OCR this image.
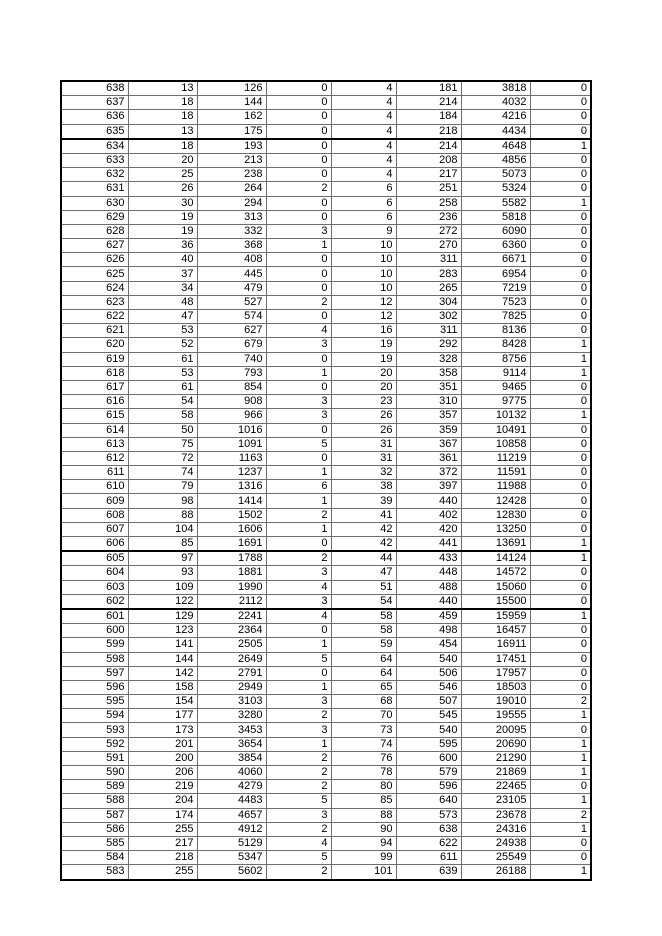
638	13	126	0	4	181	3818	0
637	18	144	0	4	214	4032	0
636	18	162	0	4	184	4216	0
635	13	175	0	4	218	4434	0
634	18	193	0	4	214	4648	1
633	20	213	0	4	208	4856	0
632	25	238	0	4	217	5073	0
631	26	264	2	6	251	5324	0
630	30	294	0	6	258	5582	1
629	19	313	0	6	236	5818	0
628	19	332	3	9	272	6090	0
627	36	368	1	10	270	6360	0
626	40	408	0	10	311	6671	0
625	37	445	0	10	283	6954	0
624	34	479	0	10	265	7219	0
623	48	527	2	12	304	7523	0
622	47	574	0	12	302	7825	0
621	53	627	4	16	311	8136	0
620	52	679	3	19	292	8428	1
619	61	740	0	19	328	8756	1
618	53	793	1	20	358	9114	1
617	61	854	0	20	351	9465	0
616	54	908	3	23	310	9775	0
615	58	966	3	26	357	10132	1
614	50	1016	0	26	359	10491	0
613	75	1091	5	31	367	10858	0
612	72	1163	0	31	361	11219	0
611	74	1237	1	32	372	11591	0
610	79	1316	6	38	397	11988	0
609	98	1414	1	39	440	12428	0
608	88	1502	2	41	402	12830	0
607	104	1606	1	42	420	13250	0
606	85	1691	0	42	441	13691	1
605	97	1788	2	44	433	14124	1
604	93	1881	3	47	448	14572	0
603	109	1990	4	51	488	15060	0
602	122	2112	3	54	440	15500	0
601	129	2241	4	58	459	15959	1
600	123	2364	0	58	498	16457	0
599	141	2505	1	59	454	16911	0
598	144	2649	5	64	540	17451	0
597	142	2791	0	64	506	17957	0
596	158	2949	1	65	546	18503	0
595	154	3103	3	68	507	19010	2
594	177	3280	2	70	545	19555	1
593	173	3453	3	73	540	20095	0
592	201	3654	1	74	595	20690	1
591	200	3854	2	76	600	21290	1
590	206	4060	2	78	579	21869	1
589	219	4279	2	80	596	22465	0
588	204	4483	5	85	640	23105	1
587	174	4657	3	88	573	23678	2
586	255	4912	2	90	638	24316	1
585	217	5129	4	94	622	24938	0
584	218	5347	5	99	611	25549	0
583	255	5602	2	101	639	26188	1
